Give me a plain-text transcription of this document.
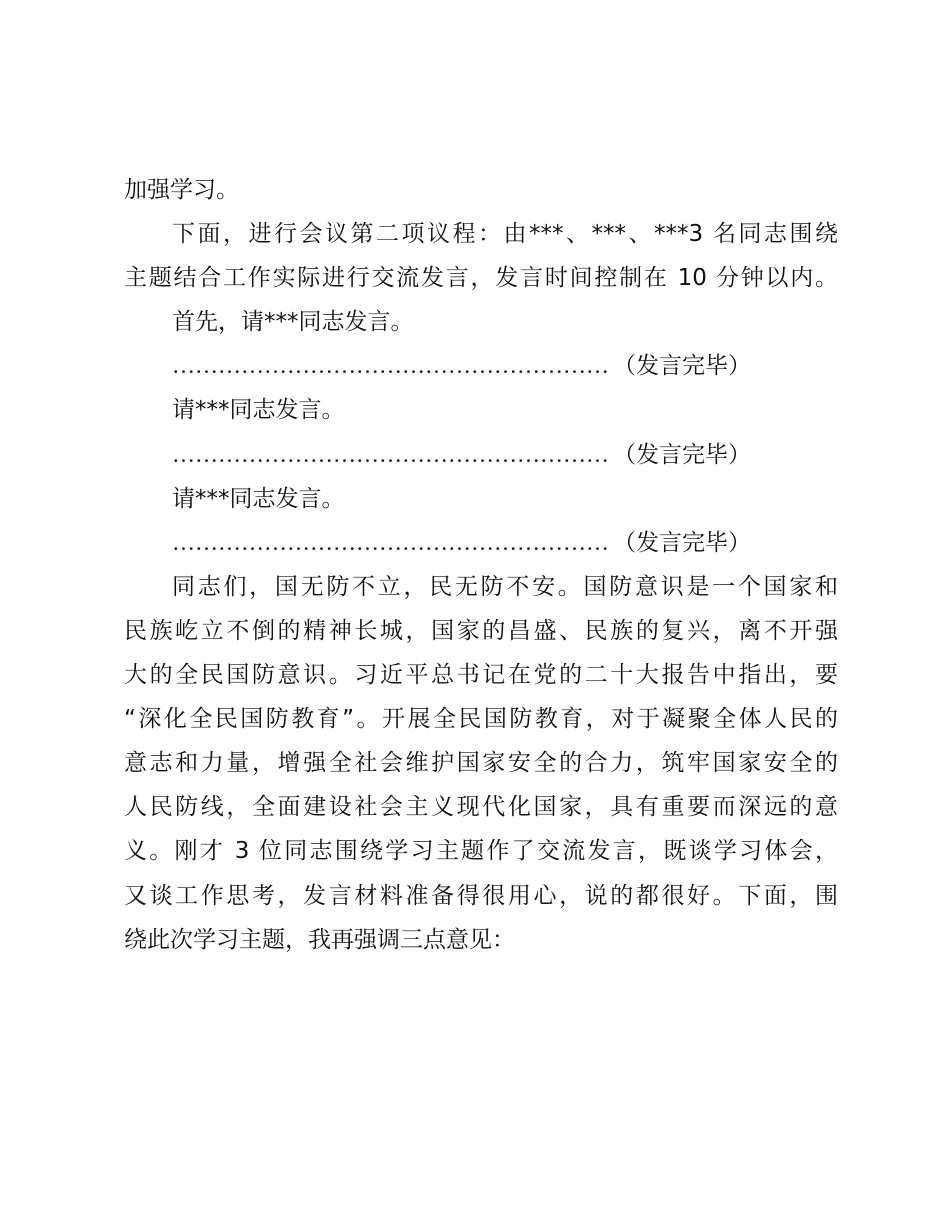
加强学习。
下面，进行会议第二项议程：由***、***、***3 名同志围绕
主题结合工作实际进行交流发言，发言时间控制在 10 分钟以内。
首先，请***同志发言。
………………………………………………… （发言完毕）
请***同志发言。
………………………………………………… （发言完毕）
请***同志发言。
………………………………………………… （发言完毕）
同志们，国无防不立，民无防不安。国防意识是一个国家和
民族屹立不倒的精神长城，国家的昌盛、民族的复兴，离不开强
大的全民国防意识。习近平总书记在党的二十大报告中指出，要
“深化全民国防教育”。开展全民国防教育，对于凝聚全体人民的
意志和力量，增强全社会维护国家安全的合力，筑牢国家安全的
人民防线，全面建设社会主义现代化国家，具有重要而深远的意
义。刚才 3 位同志围绕学习主题作了交流发言，既谈学习体会，
又谈工作思考，发言材料准备得很用心，说的都很好。下面，围
绕此次学习主题，我再强调三点意见：
